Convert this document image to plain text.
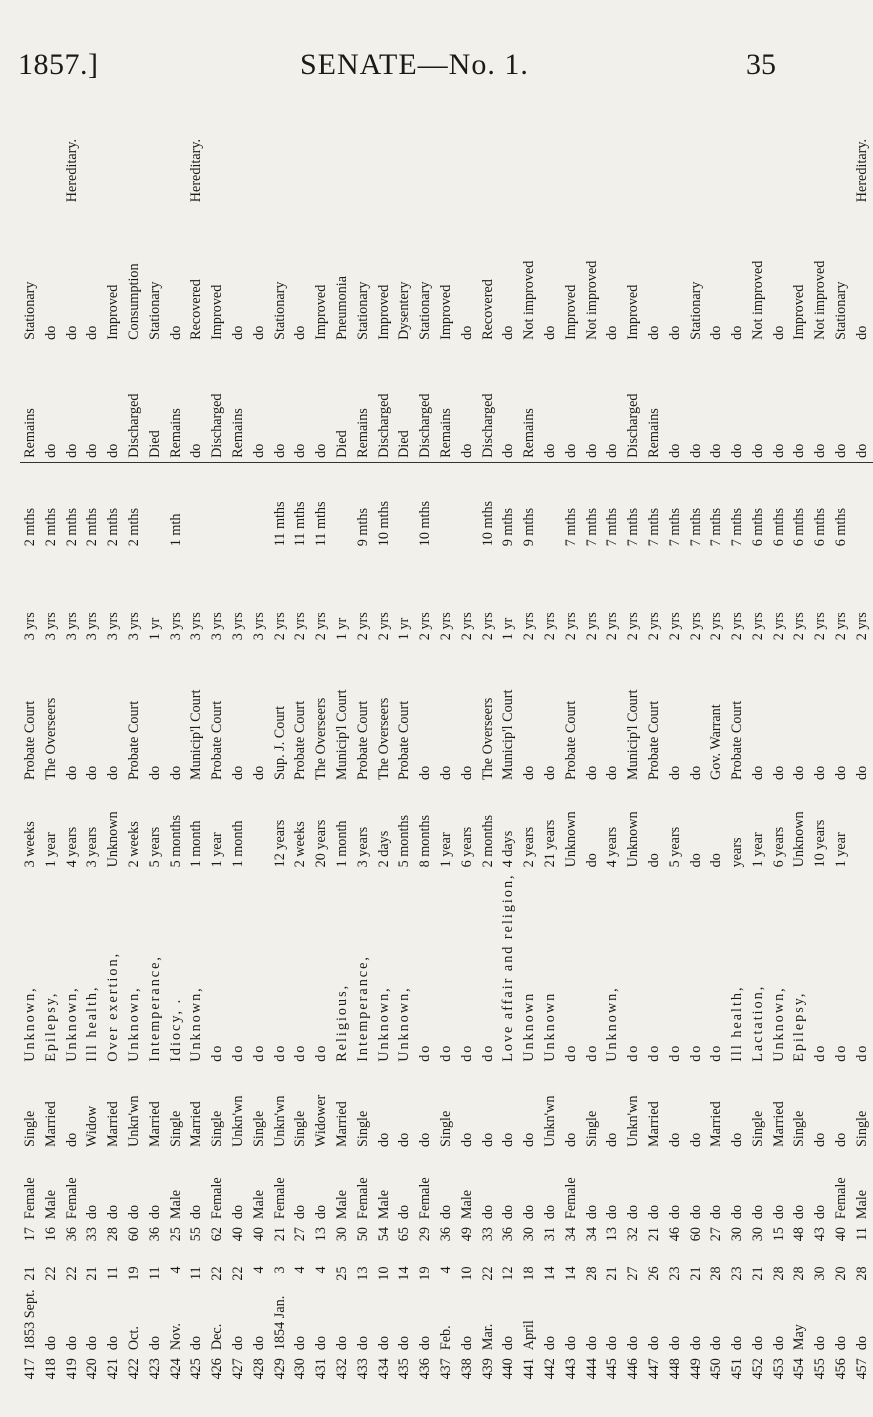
1857.]	SENATE—No. 1.	35
417	1853 Sept.	21	17	Female	Single	Unknown,	3 weeks	Probate Court	3 yrs	2 mths	Remains	Stationary	
418	do	22	16	Male	Married	Epilepsy,	1 year	The Overseers	3 yrs	2 mths	do	do	
419	do	22	36	Female	do	Unknown,	4 years	do	3 yrs	2 mths	do	do	Hereditary.
420	do	21	33	do	Widow	Ill health,	3 years	do	3 yrs	2 mths	do	do	
421	do	11	28	do	Married	Over exertion,	Unknown	do	3 yrs	2 mths	do	Improved	
422	Oct.	19	60	do	Unkn'wn	Unknown,	2 weeks	Probate Court	3 yrs	2 mths	Discharged	Consumption	
423	do	11	36	do	Married	Intemperance,	5 years	do	1 yr		Died	Stationary	
424	Nov.	4	25	Male	Single	Idiocy, .	5 months	do	3 yrs	1 mth	Remains	do	
425	do	11	55	do	Married	Unknown,	1 month	Municip'l Court	3 yrs		do	Recovered	Hereditary.
426	Dec.	22	62	Female	Single	do	1 year	Probate Court	3 yrs		Discharged	Improved	
427	do	22	40	do	Unkn'wn	do	1 month	do	3 yrs		Remains	do	
428	do	4	40	Male	Single	do		do	3 yrs		do	do	
429	1854 Jan.	3	21	Female	Unkn'wn	do	12 years	Sup. J. Court	2 yrs	11 mths	do	Stationary	
430	do	4	27	do	Single	do	2 weeks	Probate Court	2 yrs	11 mths	do	do	
431	do	4	13	do	Widower	do	20 years	The Overseers	2 yrs	11 mths	do	Improved	
432	do	25	30	Male	Married	Religious,	1 month	Municip'l Court	1 yr		Died	Pneumonia	
433	do	13	50	Female	Single	Intemperance,	3 years	Probate Court	2 yrs	9 mths	Remains	Stationary	
434	do	10	54	Male	do	Unknown,	2 days	The Overseers	2 yrs	10 mths	Discharged	Improved	
435	do	14	65	do	do	Unknown,	5 months	Probate Court	1 yr		Died	Dysentery	
436	do	19	29	Female	do	do	8 months	do	2 yrs	10 mths	Discharged	Stationary	
437	Feb.	4	36	do	Single	do	1 year	do	2 yrs		Remains	Improved	
438	do	10	49	Male	do	do	6 years	do	2 yrs		do	do	
439	Mar.	22	33	do	do	do	2 months	The Overseers	2 yrs	10 mths	Discharged	Recovered	
440	do	12	36	do	do	Love affair and religion,	4 days	Municip'l Court	1 yr	9 mths	do	do	
441	April	18	30	do	do	Unknown	2 years	do	2 yrs	9 mths	Remains	Not improved	
442	do	14	31	do	Unkn'wn	Unknown	21 years	do	2 yrs		do	do	
443	do	14	34	Female	do	do	Unknown	Probate Court	2 yrs	7 mths	do	Improved	
444	do	28	34	do	Single	do	do	do	2 yrs	7 mths	do	Not improved	
445	do	21	13	do	do	Unknown,	4 years	do	2 yrs	7 mths	do	do	
446	do	27	32	do	Unkn'wn	do	Unknown	Municip'l Court	2 yrs	7 mths	Discharged	Improved	
447	do	26	21	do	Married	do	do	Probate Court	2 yrs	7 mths	Remains	do	
448	do	23	46	do	do	do	5 years	do	2 yrs	7 mths	do	do	
449	do	21	60	do	do	do	do	do	2 yrs	7 mths	do	Stationary	
450	do	28	27	do	Married	do	do	Gov. Warrant	2 yrs	7 mths	do	do	
451	do	23	30	do	do	Ill health,	years	Probate Court	2 yrs	7 mths	do	do	
452	do	21	30	do	Single	Lactation,	1 year	do	2 yrs	6 mths	do	Not improved	
453	do	28	15	do	Married	Unknown,	6 years	do	2 yrs	6 mths	do	do	
454	May	28	48	do	Single	Epilepsy,	Unknown	do	2 yrs	6 mths	do	Improved	
455	do	30	43	do	do	do	10 years	do	2 yrs	6 mths	do	Not improved	
456	do	20	40	Female	do	do	1 year	do	2 yrs	6 mths	do	Stationary	
457	do	28	11	Male	Single	do		do	2 yrs		do	do	Hereditary.
